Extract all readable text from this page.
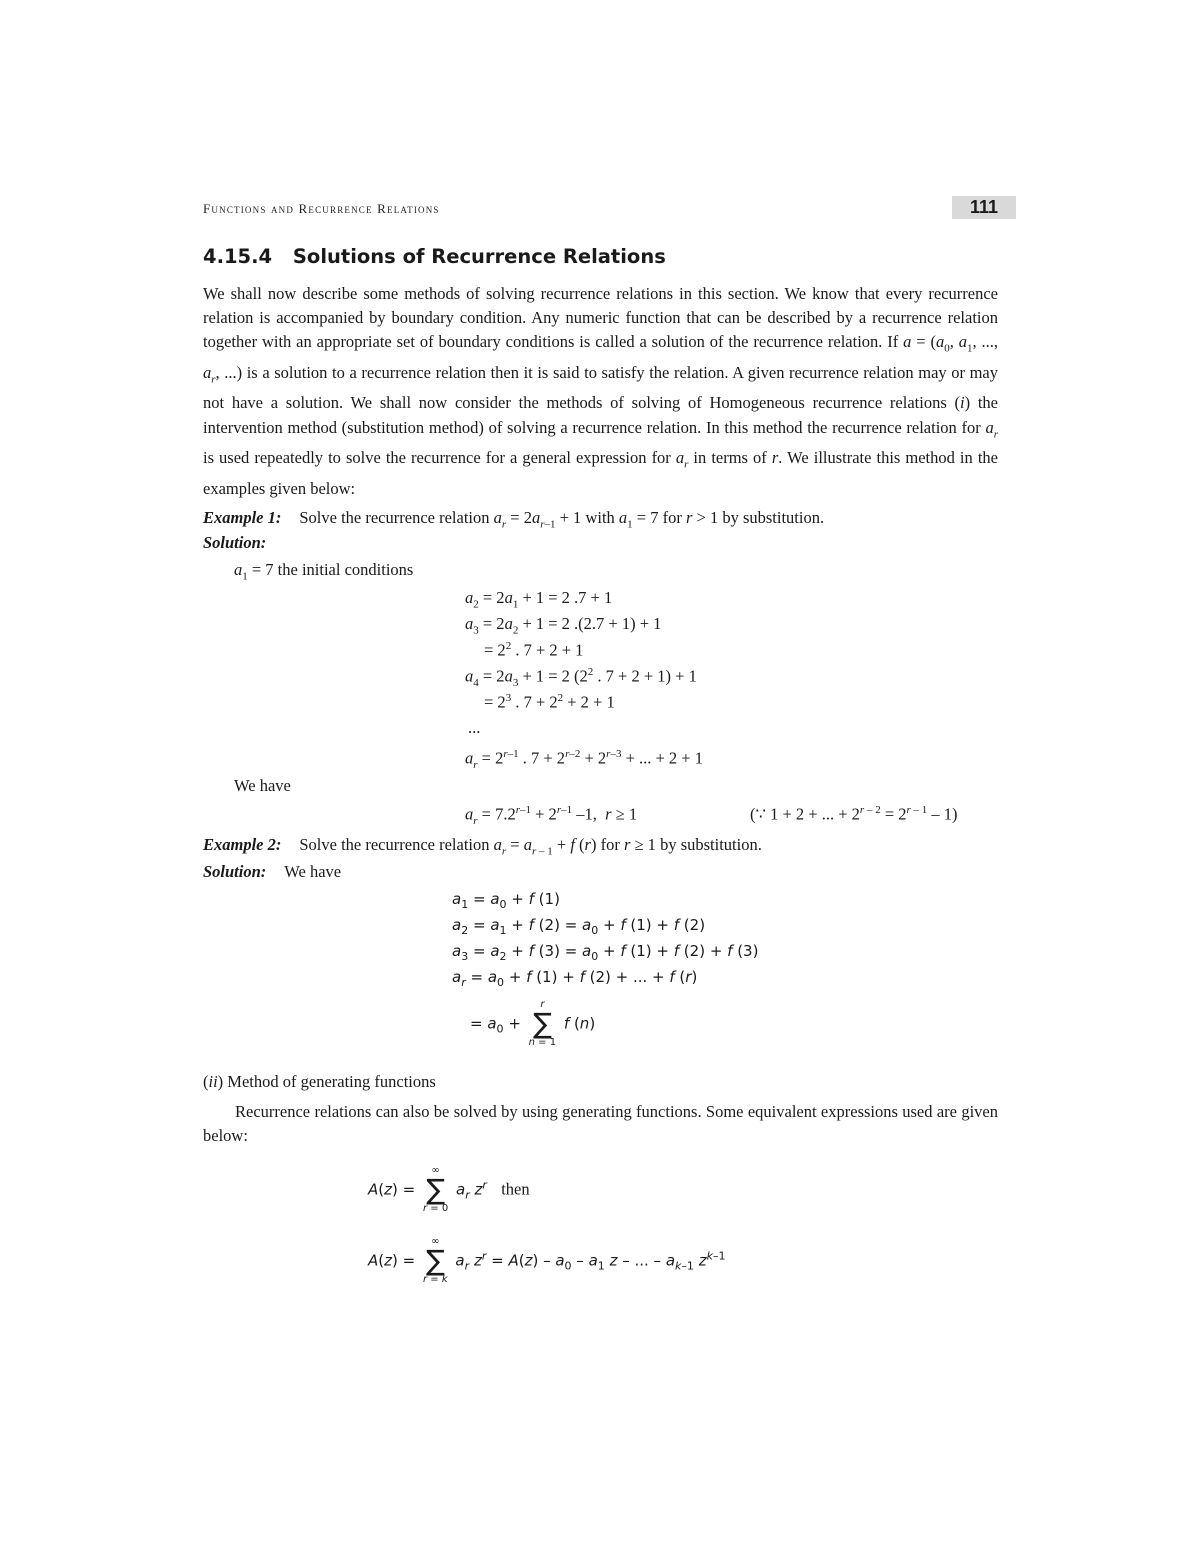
Functions and Recurrence Relations	111
4.15.4 Solutions of Recurrence Relations
We shall now describe some methods of solving recurrence relations in this section. We know that every recurrence relation is accompanied by boundary condition. Any numeric function that can be described by a recurrence relation together with an appropriate set of boundary conditions is called a solution of the recurrence relation. If $a = (a_0$, $a_1$, ..., $a_r$, ...) is a solution to a recurrence relation then it is said to satisfy the relation. A given recurrence relation may or may not have a solution. We shall now consider the methods of solving of Homogeneous recurrence relations (i) the intervention method (substitution method) of solving a recurrence relation. In this method the recurrence relation for $a_r$ is used repeatedly to solve the recurrence for a general expression for $a_r$ in terms of r. We illustrate this method in the examples given below:
Example 1: Solve the recurrence relation $a_r = 2a_{r-1} + 1$ with $a_1 = 7$ for r > 1 by substitution.
Solution:
$a_1 = 7$ the initial conditions
$a_2 = 2a_1 + 1 = 2$ .7 + 1
$a_3 = 2a_2 + 1 = 2$ .(2.7 + 1) + 1
= $2^2$ . 7 + 2 + 1
$a_4 = 2a_3 + 1 = 2$ ($2^2$ . 7 + 2 + 1) + 1
= $2^3$ . $7 + 2^2 + 2 + 1$
...
$a_r = 2^{r-1}$ . $7 + 2^{r-2} + 2^{r-3}$ + ... + 2 + 1
We have
$a_r = 7.2^{r-1} + 2^{r-1}$ –1,  r ≥ 1	(∵ 1 + 2 + ... + $2^{r - 2} = 2^{r - 1} - 1$)
Example 2: Solve the recurrence relation $a_r = a_{r - 1} + f$ (r) for r ≥ 1 by substitution.
Solution: We have
$a_1 = a_0 + f$ (1)
$a_2 = a_1 + f$ $(2) = a_0 + f$ (1) + f (2)
$a_3 = a_2 + f$ $(3) = a_0 + f$ (1) + f (2) + f (3)
$a_r = a_0 + f$ (1) + f (2) + ... + f (r)
= $a_0$ +
r
∑
n = 1
f (n)
(ii) Method of generating functions
Recurrence relations can also be solved by using generating functions. Some equivalent expressions used are given below:
A(z) =
∞
∑
r = 0
$a_r$ $z^r$ then
A(z) =
∞
∑
r = k
$a_r$ $z^r = A(z) - a_0 - a_1$ z – ... – $a_{k-1}$ $z^{k-1}$
